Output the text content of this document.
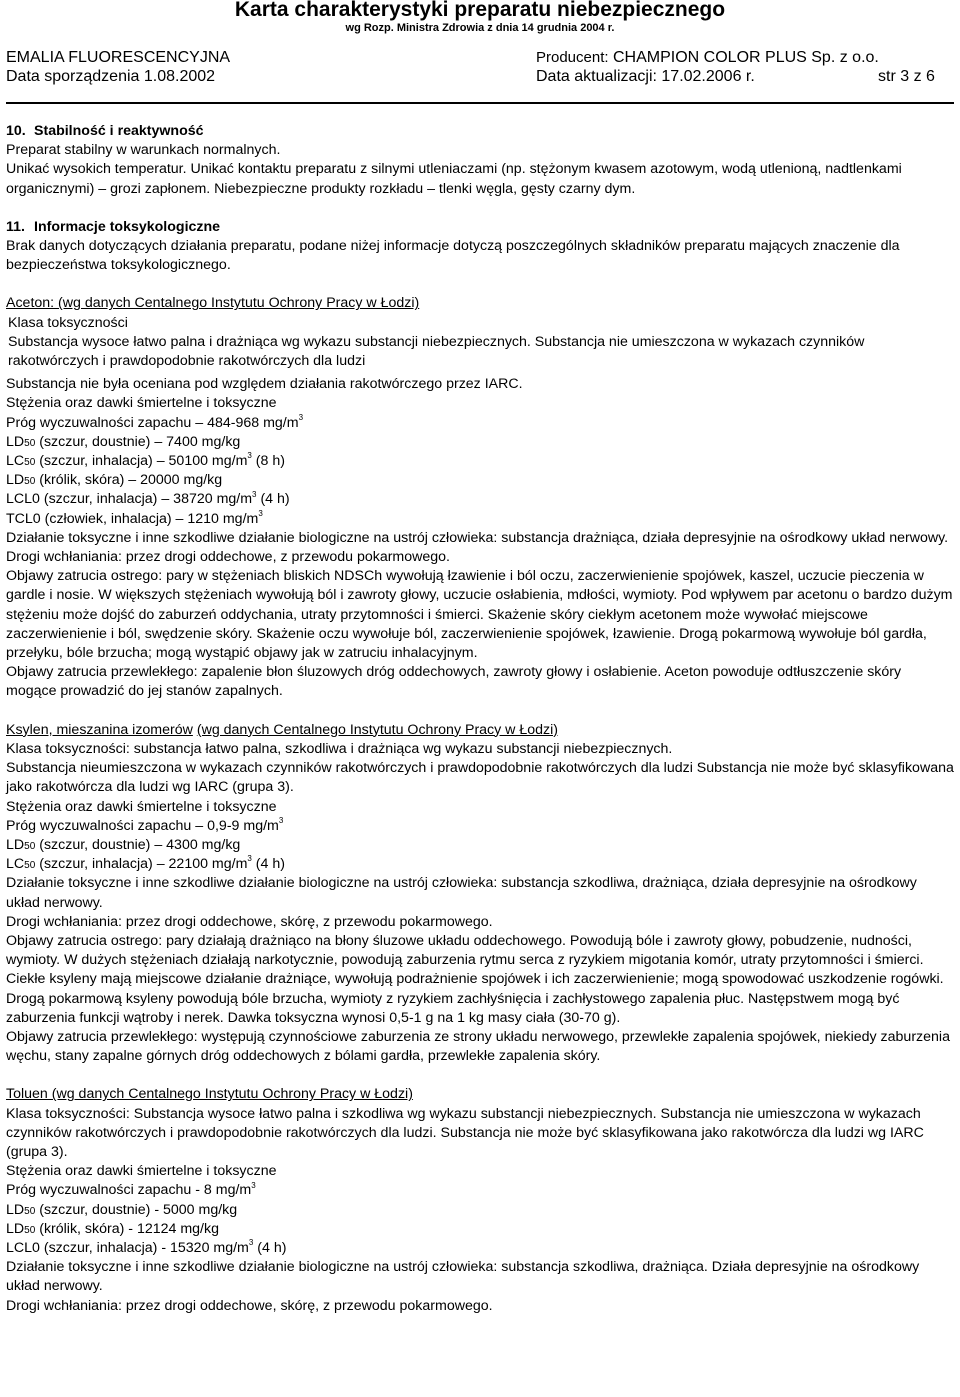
Karta charakterystyki preparatu niebezpiecznego
wg Rozp. Ministra Zdrowia z dnia 14 grudnia 2004 r.
EMALIA FLUORESCENCYJNA	Producent: CHAMPION COLOR PLUS Sp. z o.o.
Data sporządzenia 1.08.2002	Data aktualizacji: 17.02.2006 r.	str 3 z 6

10. Stabilność i reaktywność

Preparat stabilny w warunkach normalnych.

Unikać wysokich temperatur. Unikać kontaktu preparatu z silnymi utleniaczami (np. stężonym kwasem azotowym, wodą utlenioną, nadtlenkami organicznymi) – grozi zapłonem. Niebezpieczne produkty rozkładu – tlenki węgla, gęsty czarny dym.

11. Informacje toksykologiczne

Brak danych dotyczących działania preparatu, podane niżej informacje dotyczą poszczególnych składników preparatu mających znaczenie dla bezpieczeństwa toksykologicznego.

Aceton: (wg danych Centalnego Instytutu Ochrony Pracy w Łodzi)

Klasa toksyczności

Substancja wysoce łatwo palna i drażniąca wg wykazu substancji niebezpiecznych. Substancja nie umieszczona w wykazach czynników rakotwórczych i prawdopodobnie rakotwórczych dla ludzi

Substancja nie była oceniana pod względem działania rakotwórczego przez IARC.

Stężenia oraz dawki śmiertelne i toksyczne

Próg wyczuwalności zapachu – 484-968 $mg/m^3$

LD50 (szczur, doustnie) – 7400 mg/kg

LC50 (szczur, inhalacja) – 50100 $mg/m^3$ (8 h)

LD50 (królik, skóra) – 20000 mg/kg

LCL0 (szczur, inhalacja) – 38720 $mg/m^3$ (4 h)

TCL0 (człowiek, inhalacja) – 1210 $mg/m^3$

Działanie toksyczne i inne szkodliwe działanie biologiczne na ustrój człowieka: substancja drażniąca, działa depresyjnie na ośrodkowy układ nerwowy.

Drogi wchłaniania: przez drogi oddechowe, z przewodu pokarmowego.

Objawy zatrucia ostrego: pary w stężeniach bliskich NDSCh wywołują łzawienie i ból oczu, zaczerwienienie spojówek, kaszel, uczucie pieczenia w gardle i nosie. W większych stężeniach wywołują ból i zawroty głowy, uczucie osłabienia, mdłości, wymioty. Pod wpływem par acetonu o bardzo dużym stężeniu może dojść do zaburzeń oddychania, utraty przytomności i śmierci. Skażenie skóry ciekłym acetonem może wywołać miejscowe zaczerwienienie i ból, swędzenie skóry. Skażenie oczu wywołuje ból, zaczerwienienie spojówek, łzawienie. Drogą pokarmową wywołuje ból gardła, przełyku, bóle brzucha; mogą wystąpić objawy jak w zatruciu inhalacyjnym.

Objawy zatrucia przewlekłego: zapalenie błon śluzowych dróg oddechowych, zawroty głowy i osłabienie. Aceton powoduje odtłuszczenie skóry mogące prowadzić do jej stanów zapalnych.

Ksylen, mieszanina izomerów (wg danych Centalnego Instytutu Ochrony Pracy w Łodzi)

Klasa toksyczności: substancja łatwo palna, szkodliwa i drażniąca wg wykazu substancji niebezpiecznych.

Substancja nieumieszczona w wykazach czynników rakotwórczych i prawdopodobnie rakotwórczych dla ludzi Substancja nie może być sklasyfikowana jako rakotwórcza dla ludzi wg IARC (grupa 3).

Stężenia oraz dawki śmiertelne i toksyczne

Próg wyczuwalności zapachu – 0,9-9 $mg/m^3$

LD50 (szczur, doustnie) – 4300 mg/kg

LC50 (szczur, inhalacja) – 22100 $mg/m^3$ (4 h)

Działanie toksyczne i inne szkodliwe działanie biologiczne na ustrój człowieka: substancja szkodliwa, drażniąca, działa depresyjnie na ośrodkowy układ nerwowy.

Drogi wchłaniania: przez drogi oddechowe, skórę, z przewodu pokarmowego.

Objawy zatrucia ostrego: pary działają drażniąco na błony śluzowe układu oddechowego. Powodują bóle i zawroty głowy, pobudzenie, nudności, wymioty. W dużych stężeniach działają narkotycznie, powodują zaburzenia rytmu serca z ryzykiem migotania komór, utraty przytomności i śmierci. Ciekłe ksyleny mają miejscowe działanie drażniące, wywołują podrażnienie spojówek i ich zaczerwienienie; mogą spowodować uszkodzenie rogówki. Drogą pokarmową ksyleny powodują bóle brzucha, wymioty z ryzykiem zachłyśnięcia i zachłystowego zapalenia płuc. Następstwem mogą być zaburzenia funkcji wątroby i nerek. Dawka toksyczna wynosi 0,5-1 g na 1 kg masy ciała (30-70 g).

Objawy zatrucia przewlekłego: występują czynnościowe zaburzenia ze strony układu nerwowego, przewlekłe zapalenia spojówek, niekiedy zaburzenia węchu, stany zapalne górnych dróg oddechowych z bólami gardła, przewlekłe zapalenia skóry.

Toluen (wg danych Centalnego Instytutu Ochrony Pracy w Łodzi)

Klasa toksyczności: Substancja wysoce łatwo palna i szkodliwa wg wykazu substancji niebezpiecznych. Substancja nie umieszczona w wykazach czynników rakotwórczych i prawdopodobnie rakotwórczych dla ludzi. Substancja nie może być sklasyfikowana jako rakotwórcza dla ludzi wg IARC (grupa 3).

Stężenia oraz dawki śmiertelne i toksyczne

Próg wyczuwalności zapachu - 8 $mg/m^3$

LD50 (szczur, doustnie) - 5000 mg/kg

LD50 (królik, skóra) - 12124 mg/kg

LCL0 (szczur, inhalacja) - 15320 $mg/m^3$ (4 h)

Działanie toksyczne i inne szkodliwe działanie biologiczne na ustrój człowieka: substancja szkodliwa, drażniąca. Działa depresyjnie na ośrodkowy układ nerwowy.

Drogi wchłaniania: przez drogi oddechowe, skórę, z przewodu pokarmowego.
